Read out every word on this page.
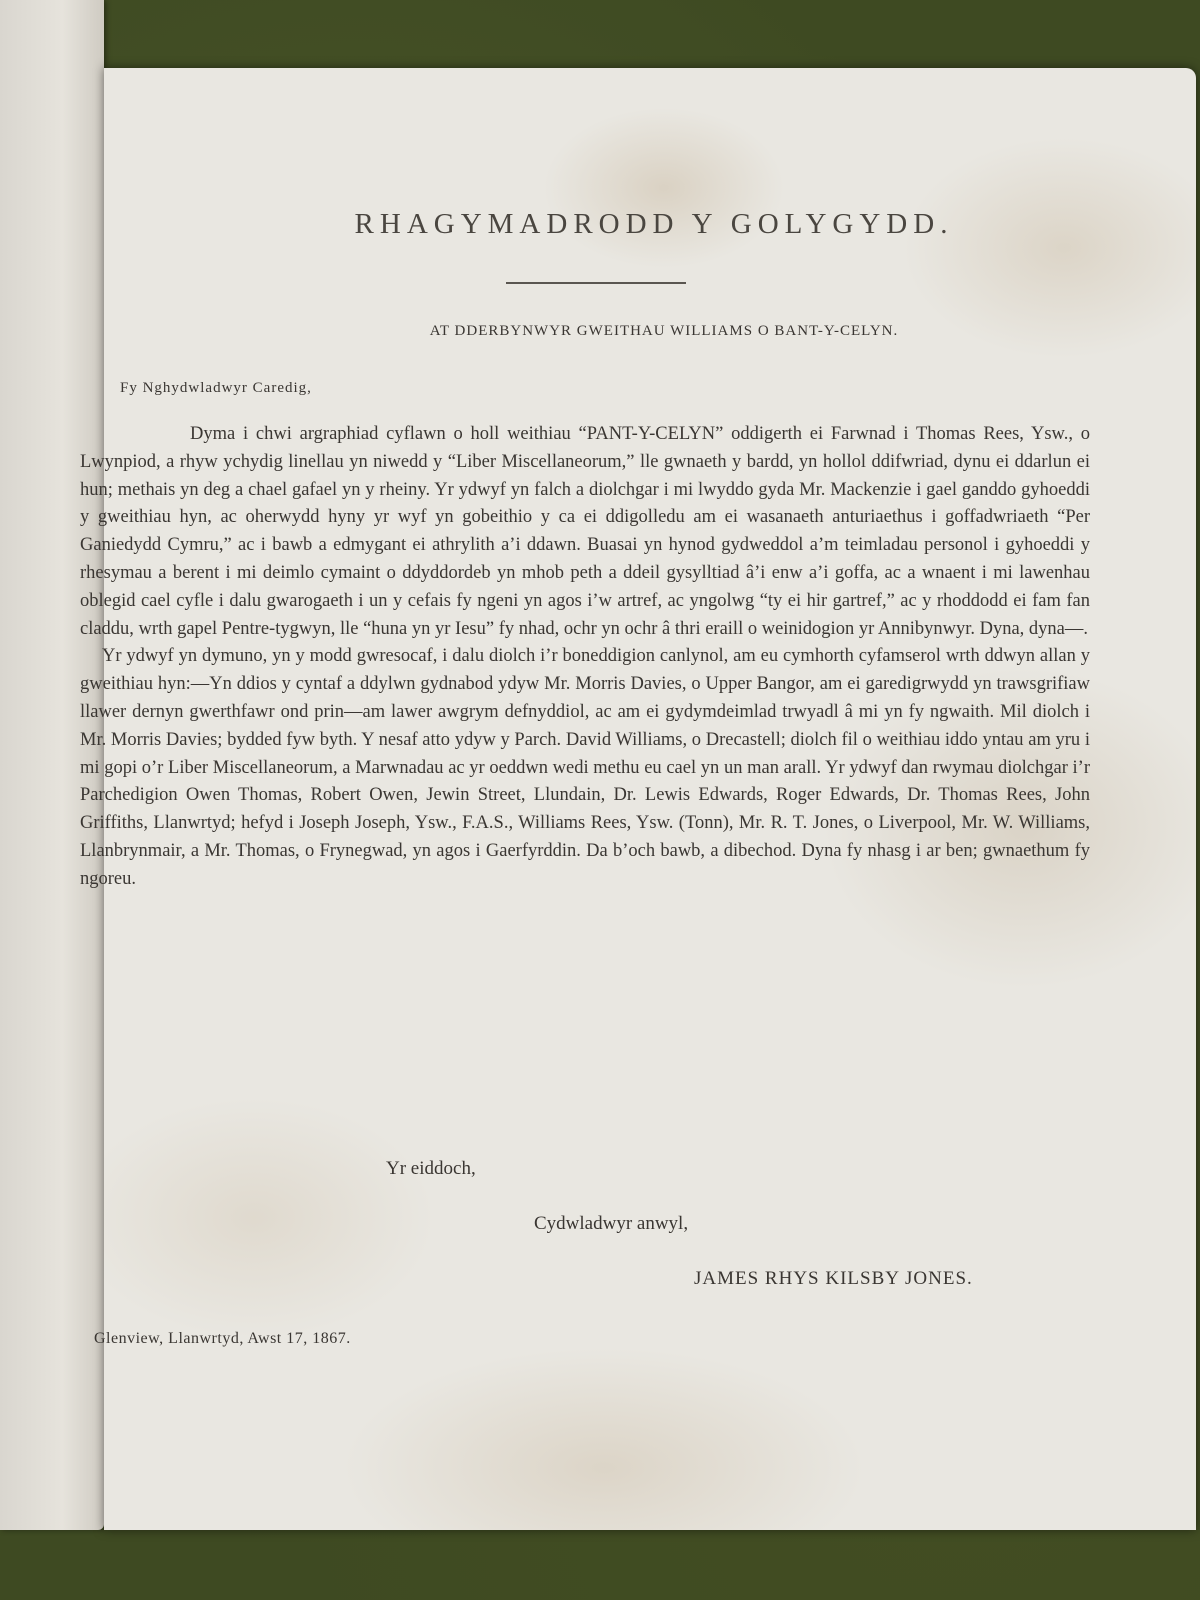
RHAGYMADRODD Y GOLYGYDD.
AT DDERBYNWYR GWEITHAU WILLIAMS O BANT-Y-CELYN.
Fy Nghydwladwyr Caredig,

Dyma i chwi argraphiad cyflawn o holl weithiau “PANT-Y-CELYN” oddigerth ei Farwnad i Thomas Rees, Ysw., o Lwynpiod, a rhyw ychydig linellau yn niwedd y “Liber Miscellaneorum,” lle gwnaeth y bardd, yn hollol ddifwriad, dynu ei ddarlun ei hun; methais yn deg a chael gafael yn y rheiny. Yr ydwyf yn falch a diolchgar i mi lwyddo gyda Mr. Mackenzie i gael ganddo gyhoeddi y gweithiau hyn, ac oherwydd hyny yr wyf yn gobeithio y ca ei ddigolledu am ei wasanaeth anturiaethus i goffadwriaeth “Per Ganiedydd Cymru,” ac i bawb a edmygant ei athrylith a’i ddawn. Buasai yn hynod gydweddol a’m teimladau personol i gyhoeddi y rhesymau a berent i mi deimlo cymaint o ddyddordeb yn mhob peth a ddeil gysylltiad â’i enw a’i goffa, ac a wnaent i mi lawenhau oblegid cael cyfle i dalu gwarogaeth i un y cefais fy ngeni yn agos i’w artref, ac yngolwg “ty ei hir gartref,” ac y rhoddodd ei fam fan claddu, wrth gapel Pentre-tygwyn, lle “huna yn yr Iesu” fy nhad, ochr yn ochr â thri eraill o weinidogion yr Annibynwyr. Dyna, dyna—.

Yr ydwyf yn dymuno, yn y modd gwresocaf, i dalu diolch i’r boneddigion canlynol, am eu cymhorth cyfamserol wrth ddwyn allan y gweithiau hyn:—Yn ddios y cyntaf a ddylwn gydnabod ydyw Mr. Morris Davies, o Upper Bangor, am ei garedigrwydd yn trawsgrifiaw llawer dernyn gwerthfawr ond prin—am lawer awgrym defnyddiol, ac am ei gydymdeimlad trwyadl â mi yn fy ngwaith. Mil diolch i Mr. Morris Davies; bydded fyw byth. Y nesaf atto ydyw y Parch. David Williams, o Drecastell; diolch fil o weithiau iddo yntau am yru i mi gopi o’r Liber Miscellaneorum, a Marwnadau ac yr oeddwn wedi methu eu cael yn un man arall. Yr ydwyf dan rwymau diolchgar i’r Parchedigion Owen Thomas, Robert Owen, Jewin Street, Llundain, Dr. Lewis Edwards, Roger Edwards, Dr. Thomas Rees, John Griffiths, Llanwrtyd; hefyd i Joseph Joseph, Ysw., F.A.S., Williams Rees, Ysw. (Tonn), Mr. R. T. Jones, o Liverpool, Mr. W. Williams, Llanbrynmair, a Mr. Thomas, o Frynegwad, yn agos i Gaerfyrddin. Da b’och bawb, a dibechod. Dyna fy nhasg i ar ben; gwnaethum fy ngoreu.

Yr eiddoch,
Cydwladwyr anwyl,
JAMES RHYS KILSBY JONES.
Glenview, Llanwrtyd, Awst 17, 1867.
